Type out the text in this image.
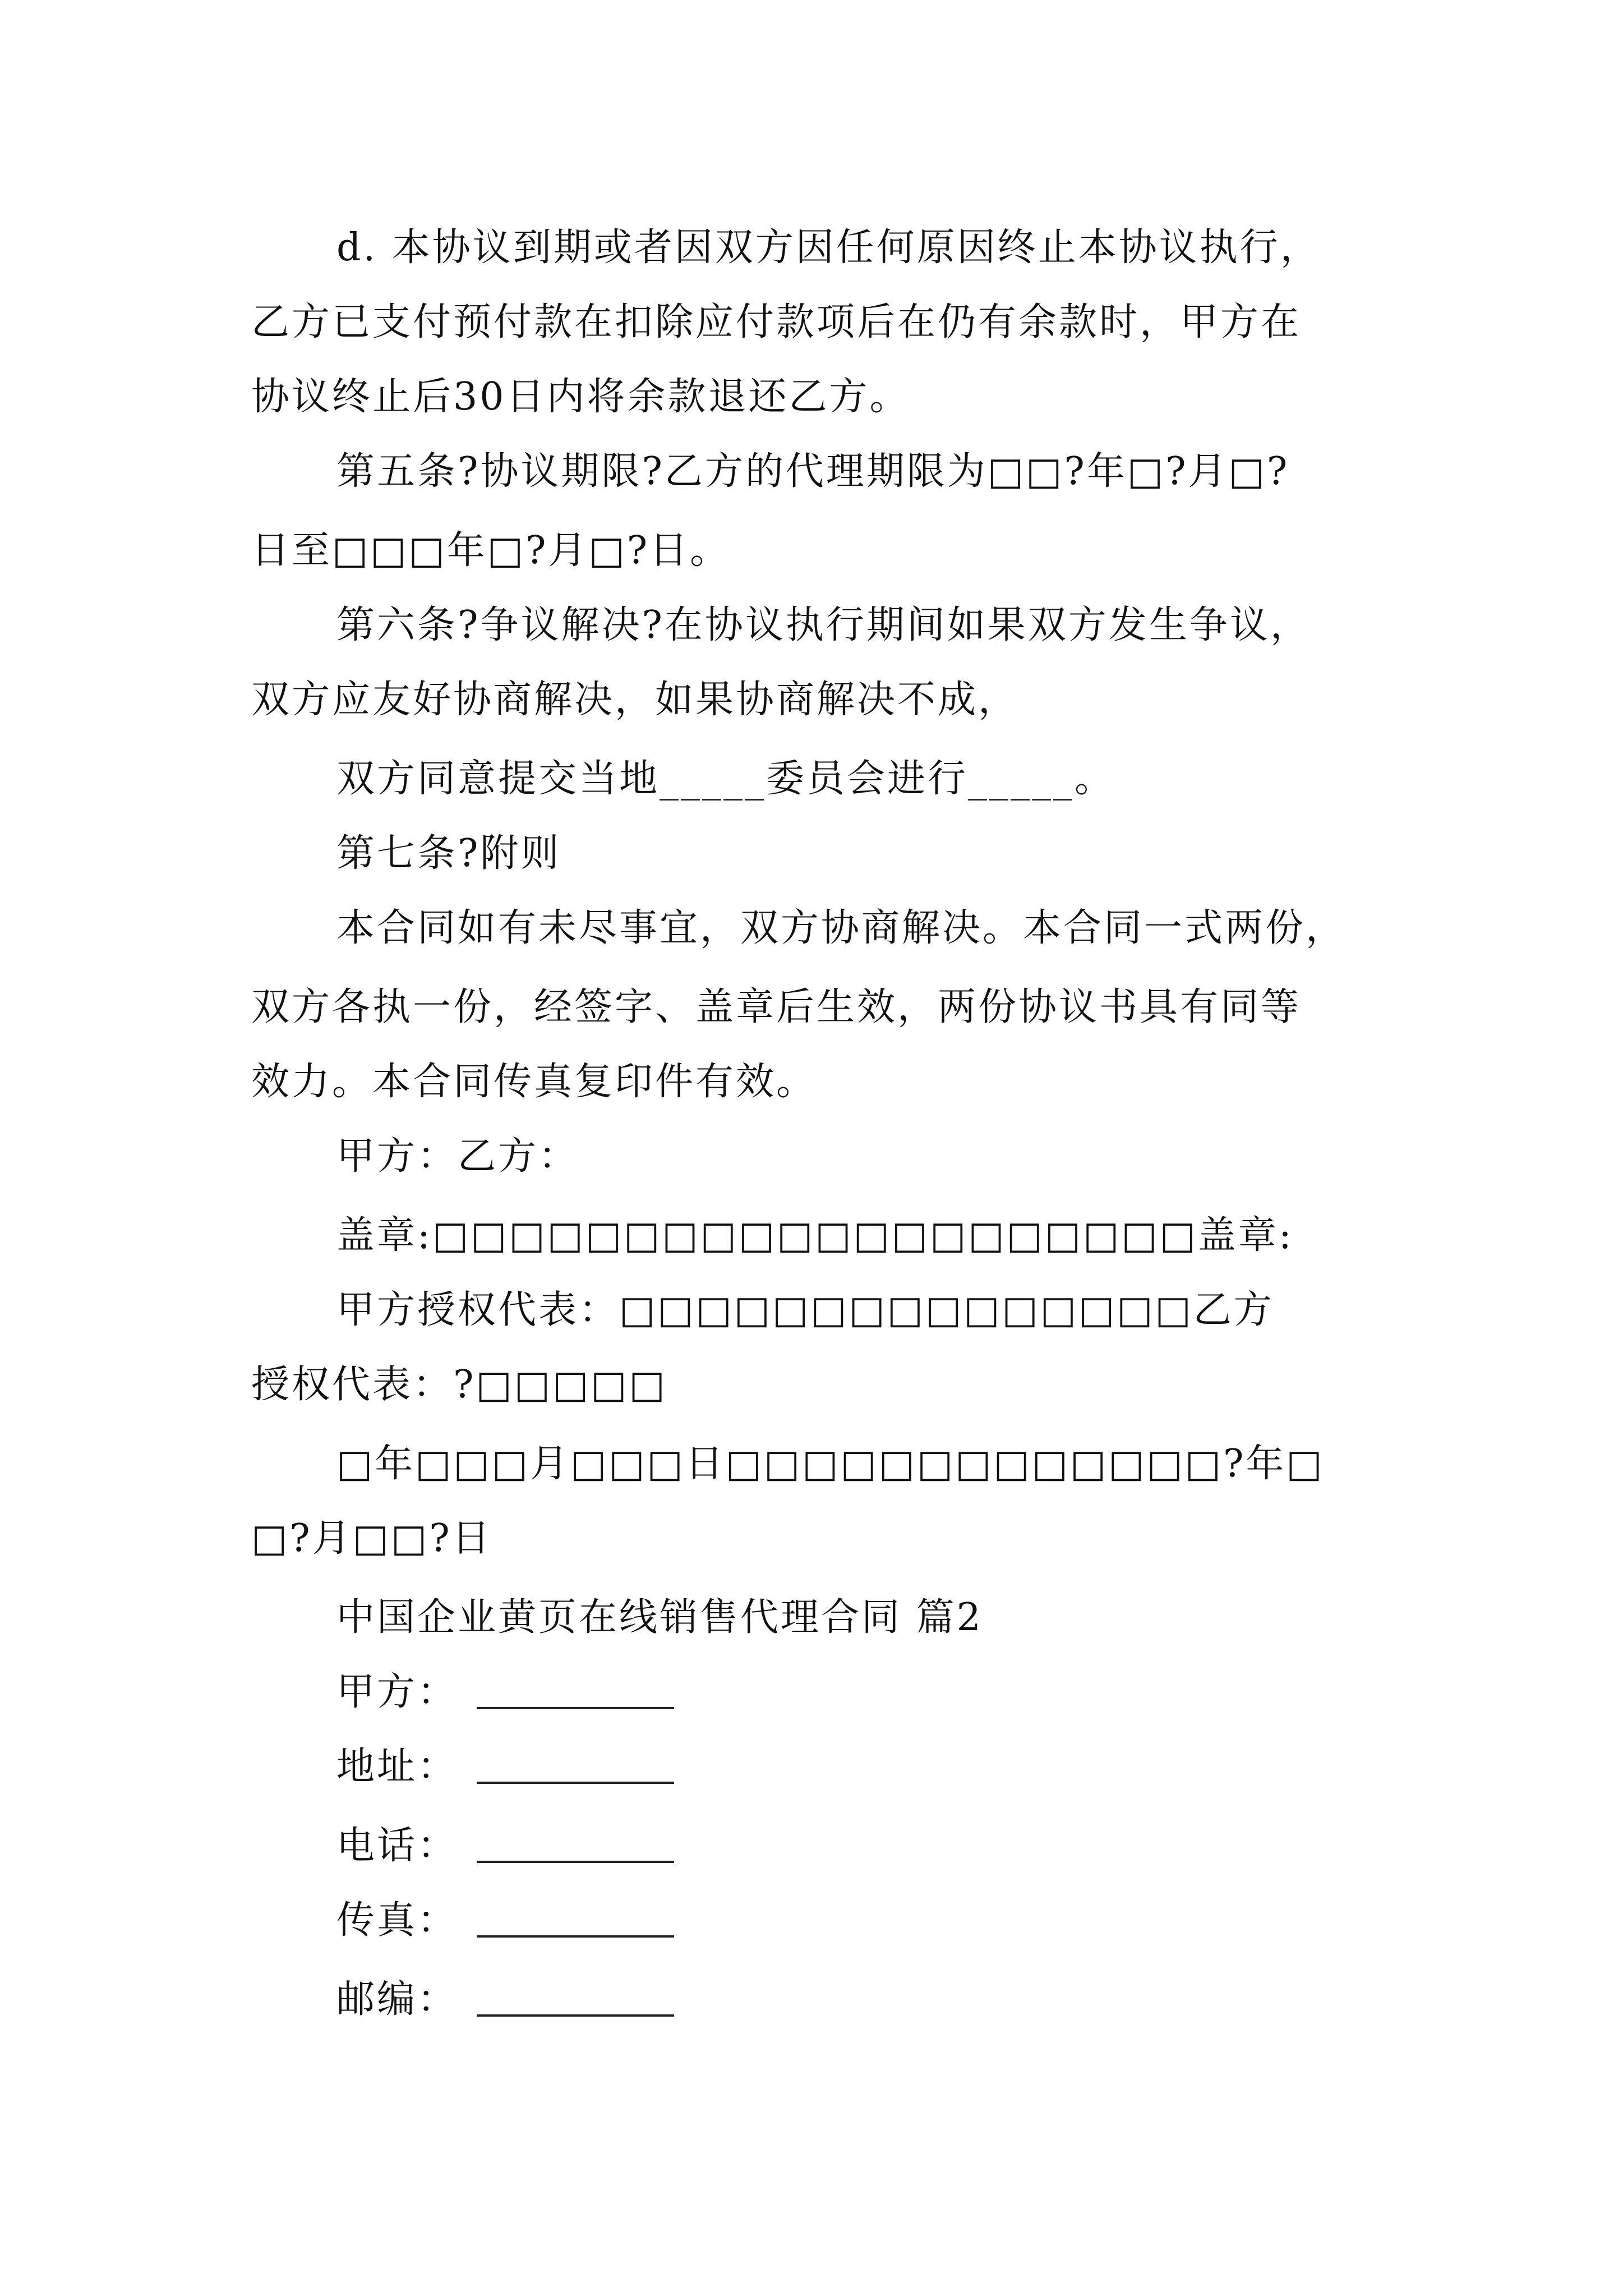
d. 本协议到期或者因双方因任何原因终止本协议执行，
乙方已支付预付款在扣除应付款项后在仍有余款时，甲方在
协议终止后30日内将余款退还乙方。
第五条?协议期限?乙方的代理期限为□□?年□?月□?
日至□□□年□?月□?日。
第六条?争议解决?在协议执行期间如果双方发生争议，
双方应友好协商解决，如果协商解决不成，
双方同意提交当地_____委员会进行_____。
第七条?附则
本合同如有未尽事宜，双方协商解决。本合同一式两份，
双方各执一份，经签字、盖章后生效，两份协议书具有同等
效力。本合同传真复印件有效。
甲方：乙方：
盖章:□□□□□□□□□□□□□□□□□□□□盖章:
甲方授权代表：□□□□□□□□□□□□□□□乙方
授权代表：?□□□□□
□年□□□月□□□日□□□□□□□□□□□□□?年□
□?月□□?日
中国企业黄页在线销售代理合同 篇2
甲方：
地址：
电话：
传真：
邮编：
